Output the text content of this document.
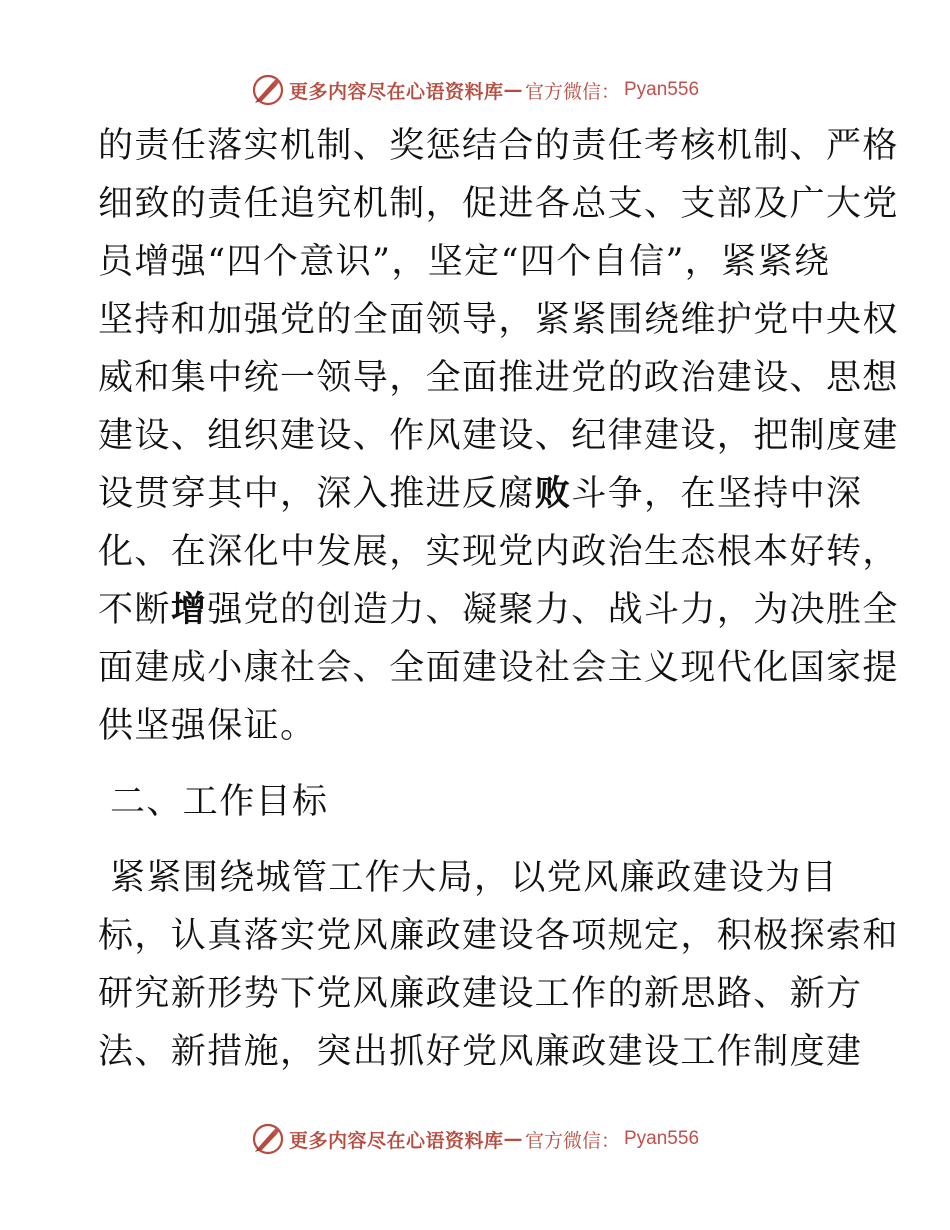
更多内容尽在心语资料库 — 官方微信： Pyan556
的责任落实机制、奖惩结合的责任考核机制、严格
细致的责任追究机制，促进各总支、支部及广大党
员增强“四个意识”，坚定“四个自信”，紧紧绕
坚持和加强党的全面领导，紧紧围绕维护党中央权
威和集中统一领导，全面推进党的政治建设、思想
建设、组织建设、作风建设、纪律建设，把制度建
设贯穿其中，深入推进反腐败斗争，在坚持中深
化、在深化中发展，实现党内政治生态根本好转，
不断增强党的创造力、凝聚力、战斗力，为决胜全
面建成小康社会、全面建设社会主义现代化国家提
供坚强保证。
二、工作目标
紧紧围绕城管工作大局，以党风廉政建设为目
标，认真落实党风廉政建设各项规定，积极探索和
研究新形势下党风廉政建设工作的新思路、新方
法、新措施，突出抓好党风廉政建设工作制度建
更多内容尽在心语资料库 — 官方微信： Pyan556
